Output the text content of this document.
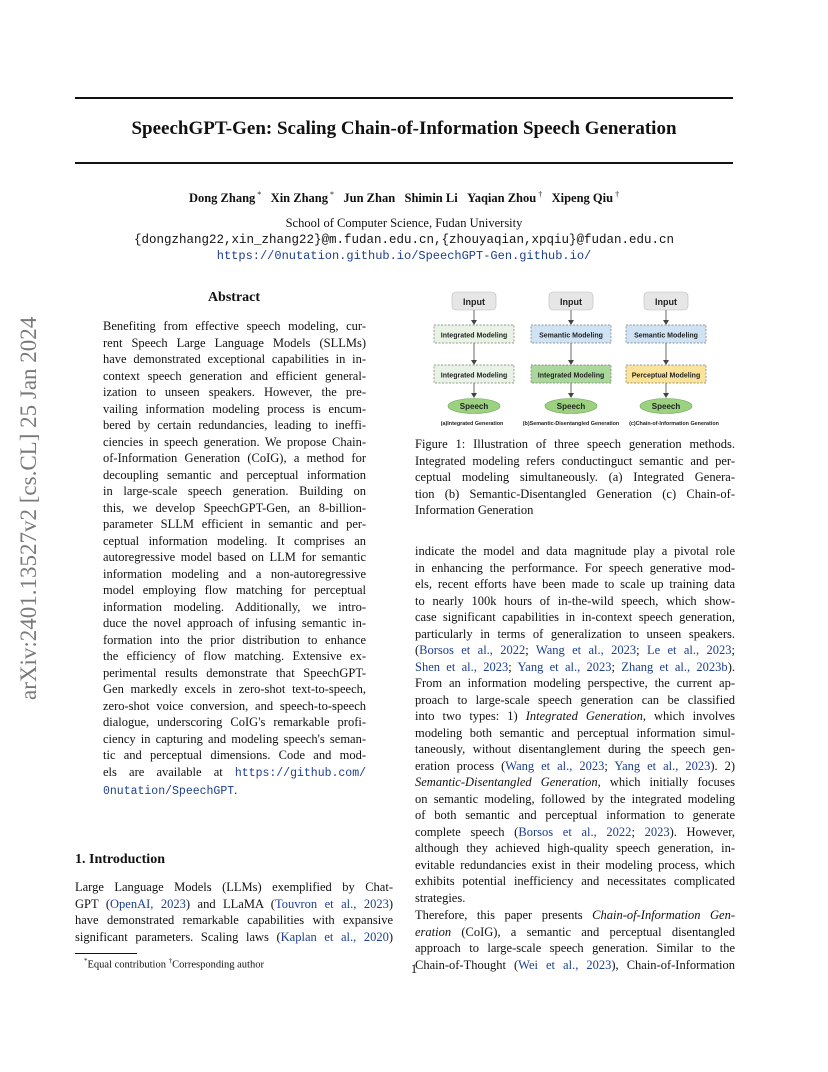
SpeechGPT-Gen: Scaling Chain-of-Information Speech Generation
Dong Zhang * Xin Zhang * Jun Zhan Shimin Li Yaqian Zhou † Xipeng Qiu †
School of Computer Science, Fudan University
{dongzhang22,xin_zhang22}@m.fudan.edu.cn,{zhouyaqian,xpqiu}@fudan.edu.cn
https://0nutation.github.io/SpeechGPT-Gen.github.io/
arXiv:2401.13527v2 [cs.CL] 25 Jan 2024
Abstract
Benefiting from effective speech modeling, cur-
rent Speech Large Language Models (SLLMs)
have demonstrated exceptional capabilities in in-
context speech generation and efficient general-
ization to unseen speakers. However, the pre-
vailing information modeling process is encum-
bered by certain redundancies, leading to ineffi-
ciencies in speech generation. We propose Chain-
of-Information Generation (CoIG), a method for
decoupling semantic and perceptual information
in large-scale speech generation. Building on
this, we develop SpeechGPT-Gen, an 8-billion-
parameter SLLM efficient in semantic and per-
ceptual information modeling. It comprises an
autoregressive model based on LLM for semantic
information modeling and a non-autoregressive
model employing flow matching for perceptual
information modeling. Additionally, we intro-
duce the novel approach of infusing semantic in-
formation into the prior distribution to enhance
the efficiency of flow matching. Extensive ex-
perimental results demonstrate that SpeechGPT-
Gen markedly excels in zero-shot text-to-speech,
zero-shot voice conversion, and speech-to-speech
dialogue, underscoring CoIG's remarkable profi-
ciency in capturing and modeling speech's seman-
tic and perceptual dimensions. Code and mod-
els are available at https://github.com/
0nutation/SpeechGPT.
1. Introduction
Large Language Models (LLMs) exemplified by Chat-
GPT (OpenAI, 2023) and LLaMA (Touvron et al., 2023)
have demonstrated remarkable capabilities with expansive
significant parameters. Scaling laws (Kaplan et al., 2020)
*Equal contribution †Corresponding author	1
Input
Integrated Modeling
Integrated Modeling
Speech
(a)Integrated Generation
Input
Semantic Modeling
Integrated Modeling
Speech
(b)Semantic-Disentangled Generation
Input
Semantic Modeling
Perceptual Modeling
Speech
(c)Chain-of-Information Generation
Figure 1: Illustration of three speech generation methods.
Integrated modeling refers conductinguct semantic and per-
ceptual modeling simultaneously. (a) Integrated Genera-
tion (b) Semantic-Disentangled Generation (c) Chain-of-
Information Generation
indicate the model and data magnitude play a pivotal role
in enhancing the performance. For speech generative mod-
els, recent efforts have been made to scale up training data
to nearly 100k hours of in-the-wild speech, which show-
case significant capabilities in in-context speech generation,
particularly in terms of generalization to unseen speakers.
(Borsos et al., 2022; Wang et al., 2023; Le et al., 2023;
Shen et al., 2023; Yang et al., 2023; Zhang et al., 2023b).
From an information modeling perspective, the current ap-
proach to large-scale speech generation can be classified
into two types: 1) Integrated Generation, which involves
modeling both semantic and perceptual information simul-
taneously, without disentanglement during the speech gen-
eration process (Wang et al., 2023; Yang et al., 2023). 2)
Semantic-Disentangled Generation, which initially focuses
on semantic modeling, followed by the integrated modeling
of both semantic and perceptual information to generate
complete speech (Borsos et al., 2022; 2023). However,
although they achieved high-quality speech generation, in-
evitable redundancies exist in their modeling process, which
exhibits potential inefficiency and necessitates complicated
strategies.
Therefore, this paper presents Chain-of-Information Gen-
eration (CoIG), a semantic and perceptual disentangled
approach to large-scale speech generation. Similar to the
Chain-of-Thought (Wei et al., 2023), Chain-of-Information
